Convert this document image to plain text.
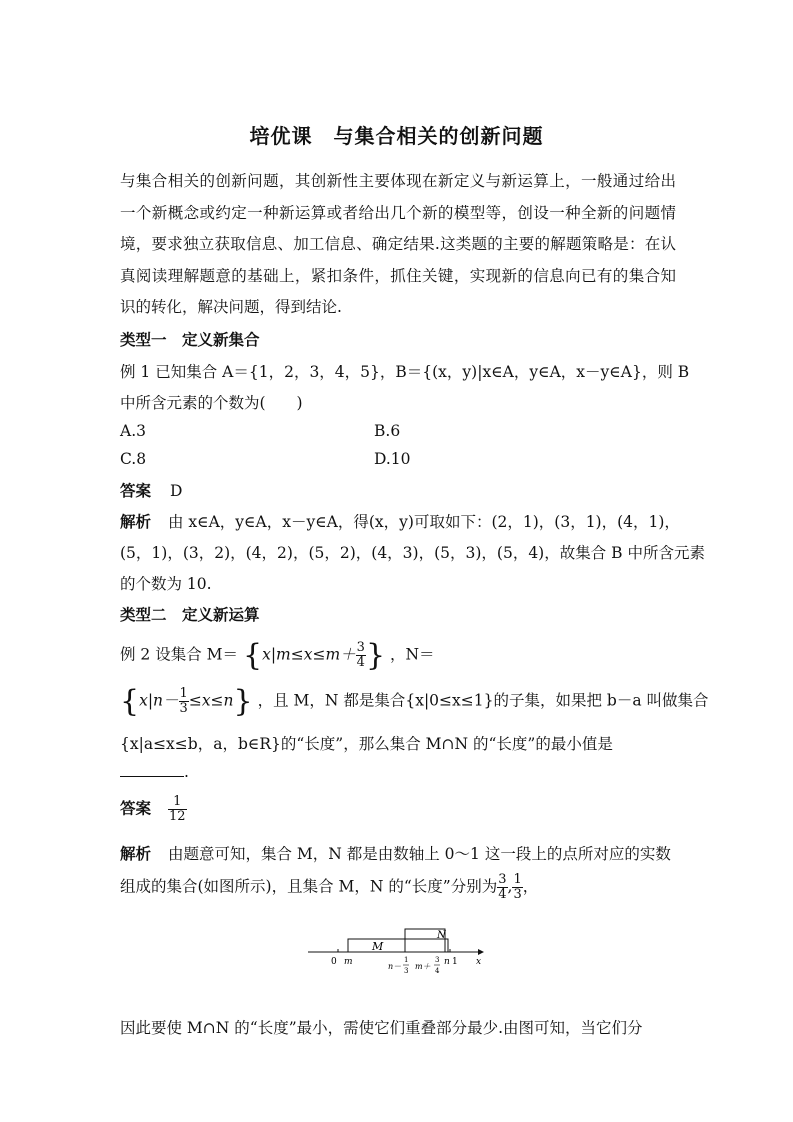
培优课　与集合相关的创新问题
与集合相关的创新问题，其创新性主要体现在新定义与新运算上，一般通过给出一个新概念或约定一种新运算或者给出几个新的模型等，创设一种全新的问题情境，要求独立获取信息、加工信息、确定结果.这类题的主要的解题策略是：在认真阅读理解题意的基础上，紧扣条件，抓住关键，实现新的信息向已有的集合知识的转化，解决问题，得到结论.
类型一　定义新集合
例 1 已知集合 A＝{1，2，3，4，5}，B＝{(x，y)|x∈A，y∈A，x－y∈A}，则 B
中所含元素的个数为(　　)
A.3	B.6
C.8	D.10
答案 D
解析 由 x∈A，y∈A，x－y∈A，得(x，y)可取如下：(2，1)，(3，1)，(4，1)，
(5，1)，(3，2)，(4，2)，(5，2)，(4，3)，(5，3)，(5，4)，故集合 B 中所含元素
的个数为 10.
类型二　定义新运算
例 2 设集合 $M= \{x|m\le x\le m+ \frac{3}{4}$ } ，N＝
$\{x|n- \frac{1}{3} \le x\le n\}$ ，且 M，N 都是集合{x|0≤x≤1}的子集，如果把 b－a 叫做集合
{x|a≤x≤b，a，b∈R}的“长度”，那么集合 M∩N 的“长度”的最小值是
.
答案 $\frac{1}{12}$
解析 由题意可知，集合 M，N 都是由数轴上 0～1 这一段上的点所对应的实数
组成的集合(如图所示)，且集合 M，N 的“长度”分别为 $\frac{3}{4}$ , $\frac{1}{3}$ ，
M
N
0 m	n－
1
3 m＋
3
4
n 1 x
因此要使 M∩N 的“长度”最小，需使它们重叠部分最少.由图可知，当它们分
